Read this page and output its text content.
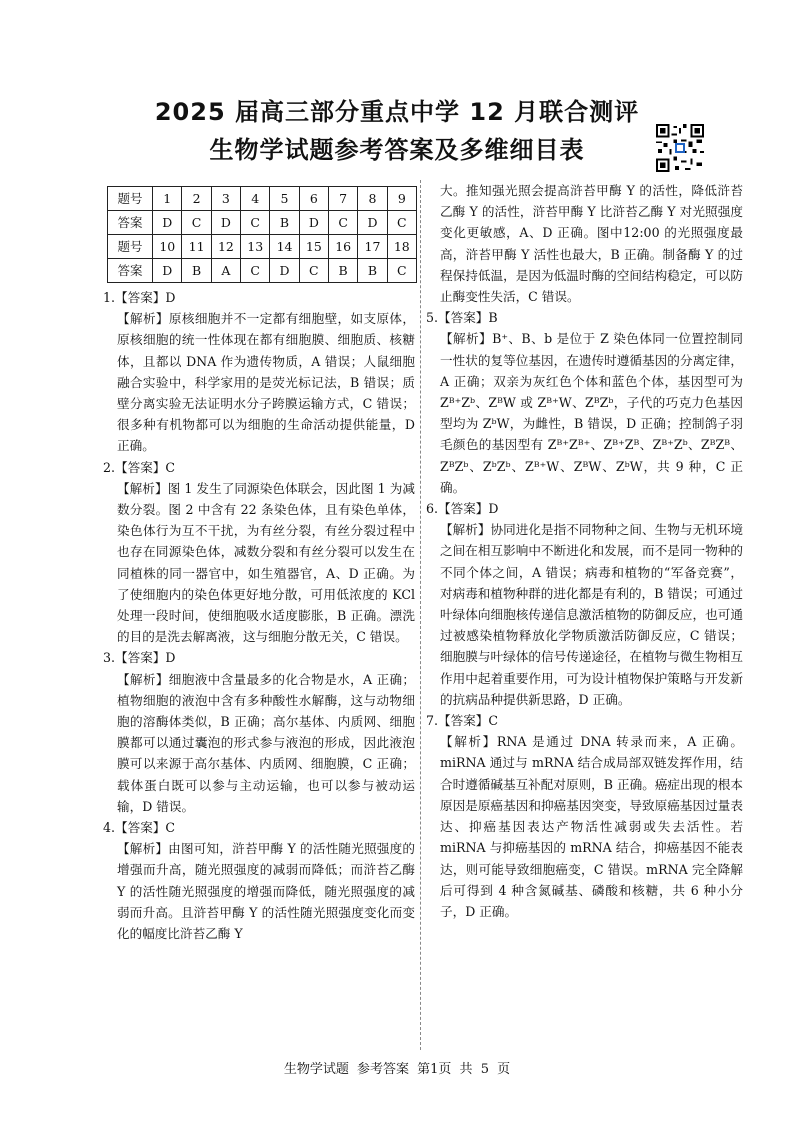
2025 届高三部分重点中学 12 月联合测评
生物学试题参考答案及多维细目表
题号	1	2	3	4	5	6	7	8	9
答案	D	C	D	C	B	D	C	D	C
题号	10	11	12	13	14	15	16	17	18
答案	D	B	A	C	D	C	B	B	C

1.【答案】D

【解析】原核细胞并不一定都有细胞壁，如支原体，原核细胞的统一性体现在都有细胞膜、细胞质、核糖体，且都以 DNA 作为遗传物质，A 错误；人鼠细胞融合实验中，科学家用的是荧光标记法，B 错误；质壁分离实验无法证明水分子跨膜运输方式，C 错误；很多种有机物都可以为细胞的生命活动提供能量，D 正确。

2.【答案】C

【解析】图 1 发生了同源染色体联会，因此图 1 为减数分裂。图 2 中含有 22 条染色体，且有染色单体，染色体行为互不干扰，为有丝分裂，有丝分裂过程中也存在同源染色体，减数分裂和有丝分裂可以发生在同植株的同一器官中，如生殖器官，A、D 正确。为了使细胞内的染色体更好地分散，可用低浓度的 KCl 处理一段时间，使细胞吸水适度膨胀，B 正确。漂洗的目的是洗去解离液，这与细胞分散无关，C 错误。

3.【答案】D

【解析】细胞液中含量最多的化合物是水，A 正确；植物细胞的液泡中含有多种酸性水解酶，这与动物细胞的溶酶体类似，B 正确；高尔基体、内质网、细胞膜都可以通过囊泡的形式参与液泡的形成，因此液泡膜可以来源于高尔基体、内质网、细胞膜，C 正确；载体蛋白既可以参与主动运输，也可以参与被动运输，D 错误。

4.【答案】C

【解析】由图可知，浒苔甲酶 Y 的活性随光照强度的增强而升高，随光照强度的减弱而降低；而浒苔乙酶 Y 的活性随光照强度的增强而降低，随光照强度的减弱而升高。且浒苔甲酶 Y 的活性随光照强度变化而变化的幅度比浒苔乙酶 Y

大。推知强光照会提高浒苔甲酶 Y 的活性，降低浒苔乙酶 Y 的活性，浒苔甲酶 Y 比浒苔乙酶 Y 对光照强度变化更敏感，A、D 正确。图中12:00 的光照强度最高，浒苔甲酶 Y 活性也最大，B 正确。制备酶 Y 的过程保持低温，是因为低温时酶的空间结构稳定，可以防止酶变性失活，C 错误。

5.【答案】B

【解析】B⁺、B、b 是位于 Z 染色体同一位置控制同一性状的复等位基因，在遗传时遵循基因的分离定律，A 正确；双亲为灰红色个体和蓝色个体，基因型可为 Zᴮ⁺Zᵇ、ZᴮW 或 Zᴮ⁺W、ZᴮZᵇ，子代的巧克力色基因型均为 ZᵇW，为雌性，B 错误，D 正确；控制鸽子羽毛颜色的基因型有 Zᴮ⁺Zᴮ⁺、Zᴮ⁺Zᴮ、Zᴮ⁺Zᵇ、ZᴮZᴮ、ZᴮZᵇ、ZᵇZᵇ、Zᴮ⁺W、ZᴮW、ZᵇW，共 9 种，C 正确。

6.【答案】D

【解析】协同进化是指不同物种之间、生物与无机环境之间在相互影响中不断进化和发展，而不是同一物种的不同个体之间，A 错误；病毒和植物的“军备竞赛”，对病毒和植物种群的进化都是有利的，B 错误；可通过叶绿体向细胞核传递信息激活植物的防御反应，也可通过被感染植物释放化学物质激活防御反应，C 错误；细胞膜与叶绿体的信号传递途径，在植物与微生物相互作用中起着重要作用，可为设计植物保护策略与开发新的抗病品种提供新思路，D 正确。

7.【答案】C

【解析】RNA 是通过 DNA 转录而来，A 正确。miRNA 通过与 mRNA 结合成局部双链发挥作用，结合时遵循碱基互补配对原则，B 正确。癌症出现的根本原因是原癌基因和抑癌基因突变，导致原癌基因过量表达、抑癌基因表达产物活性减弱或失去活性。若 miRNA 与抑癌基因的 mRNA 结合，抑癌基因不能表达，则可能导致细胞癌变，C 错误。mRNA 完全降解后可得到 4 种含氮碱基、磷酸和核糖，共 6 种小分子，D 正确。

生物学试题 参考答案 第1页 共 5 页
